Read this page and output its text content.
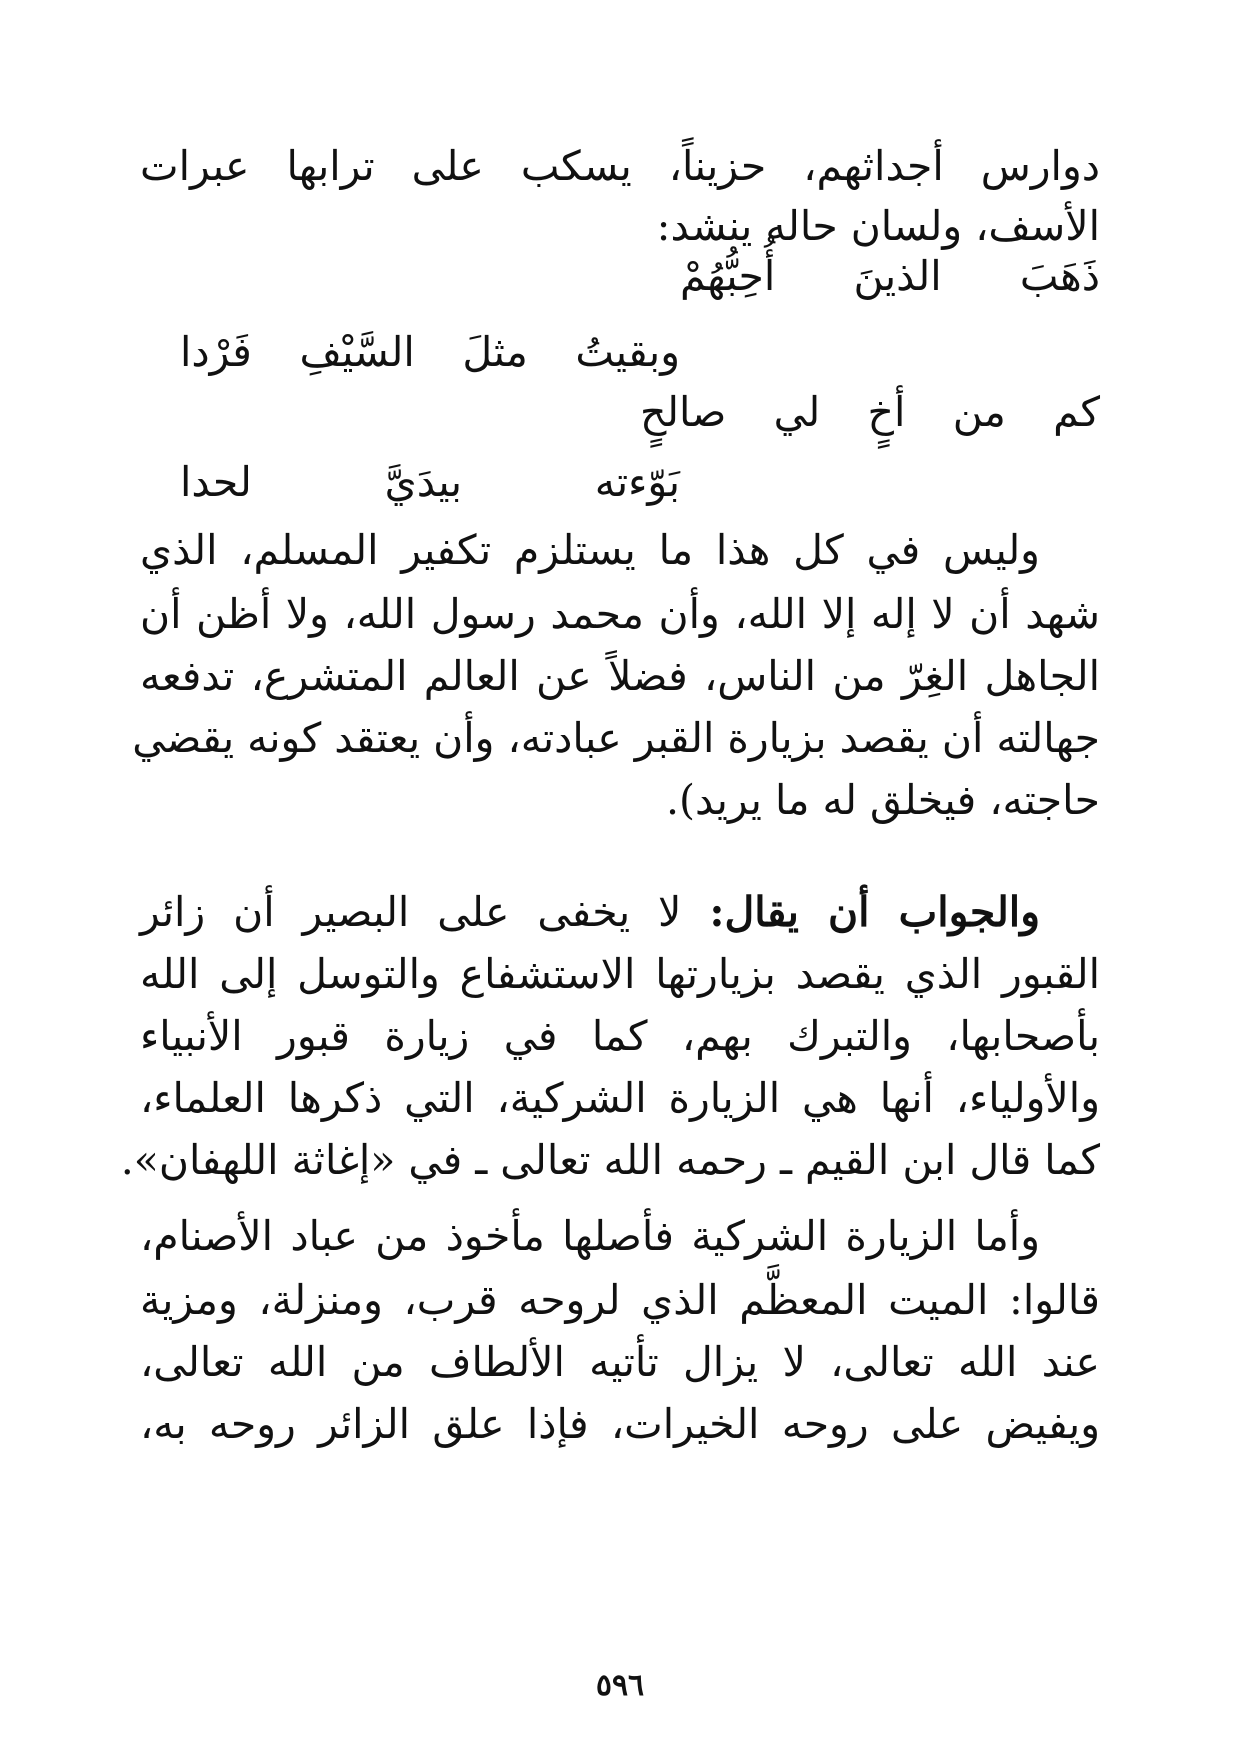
دوارس أجداثهم، حزيناً، يسكب على ترابها عبرات
الأسف، ولسان حاله ينشد:
ذَهَبَ الذينَ أُحِبُّهُمْ
وبقيتُ مثلَ السَّيْفِ فَرْدا
كم من أخٍ لي صالحٍ
بَوّءته بيدَيَّ لحدا
وليس في كل هذا ما يستلزم تكفير المسلم، الذي
شهد أن لا إله إلا الله، وأن محمد رسول الله، ولا أظن أن
الجاهل الغِرّ من الناس، فضلاً عن العالم المتشرع، تدفعه
جهالته أن يقصد بزيارة القبر عبادته، وأن يعتقد كونه يقضي
حاجته، فيخلق له ما يريد).
والجواب أن يقال: لا يخفى على البصير أن زائر
القبور الذي يقصد بزيارتها الاستشفاع والتوسل إلى الله
بأصحابها، والتبرك بهم، كما في زيارة قبور الأنبياء
والأولياء، أنها هي الزيارة الشركية، التي ذكرها العلماء،
كما قال ابن القيم ـ رحمه الله تعالى ـ في «إغاثة اللهفان».
وأما الزيارة الشركية فأصلها مأخوذ من عباد الأصنام،
قالوا: الميت المعظَّم الذي لروحه قرب، ومنزلة، ومزية
عند الله تعالى، لا يزال تأتيه الألطاف من الله تعالى،
ويفيض على روحه الخيرات، فإذا علق الزائر روحه به،
٥٩٦
